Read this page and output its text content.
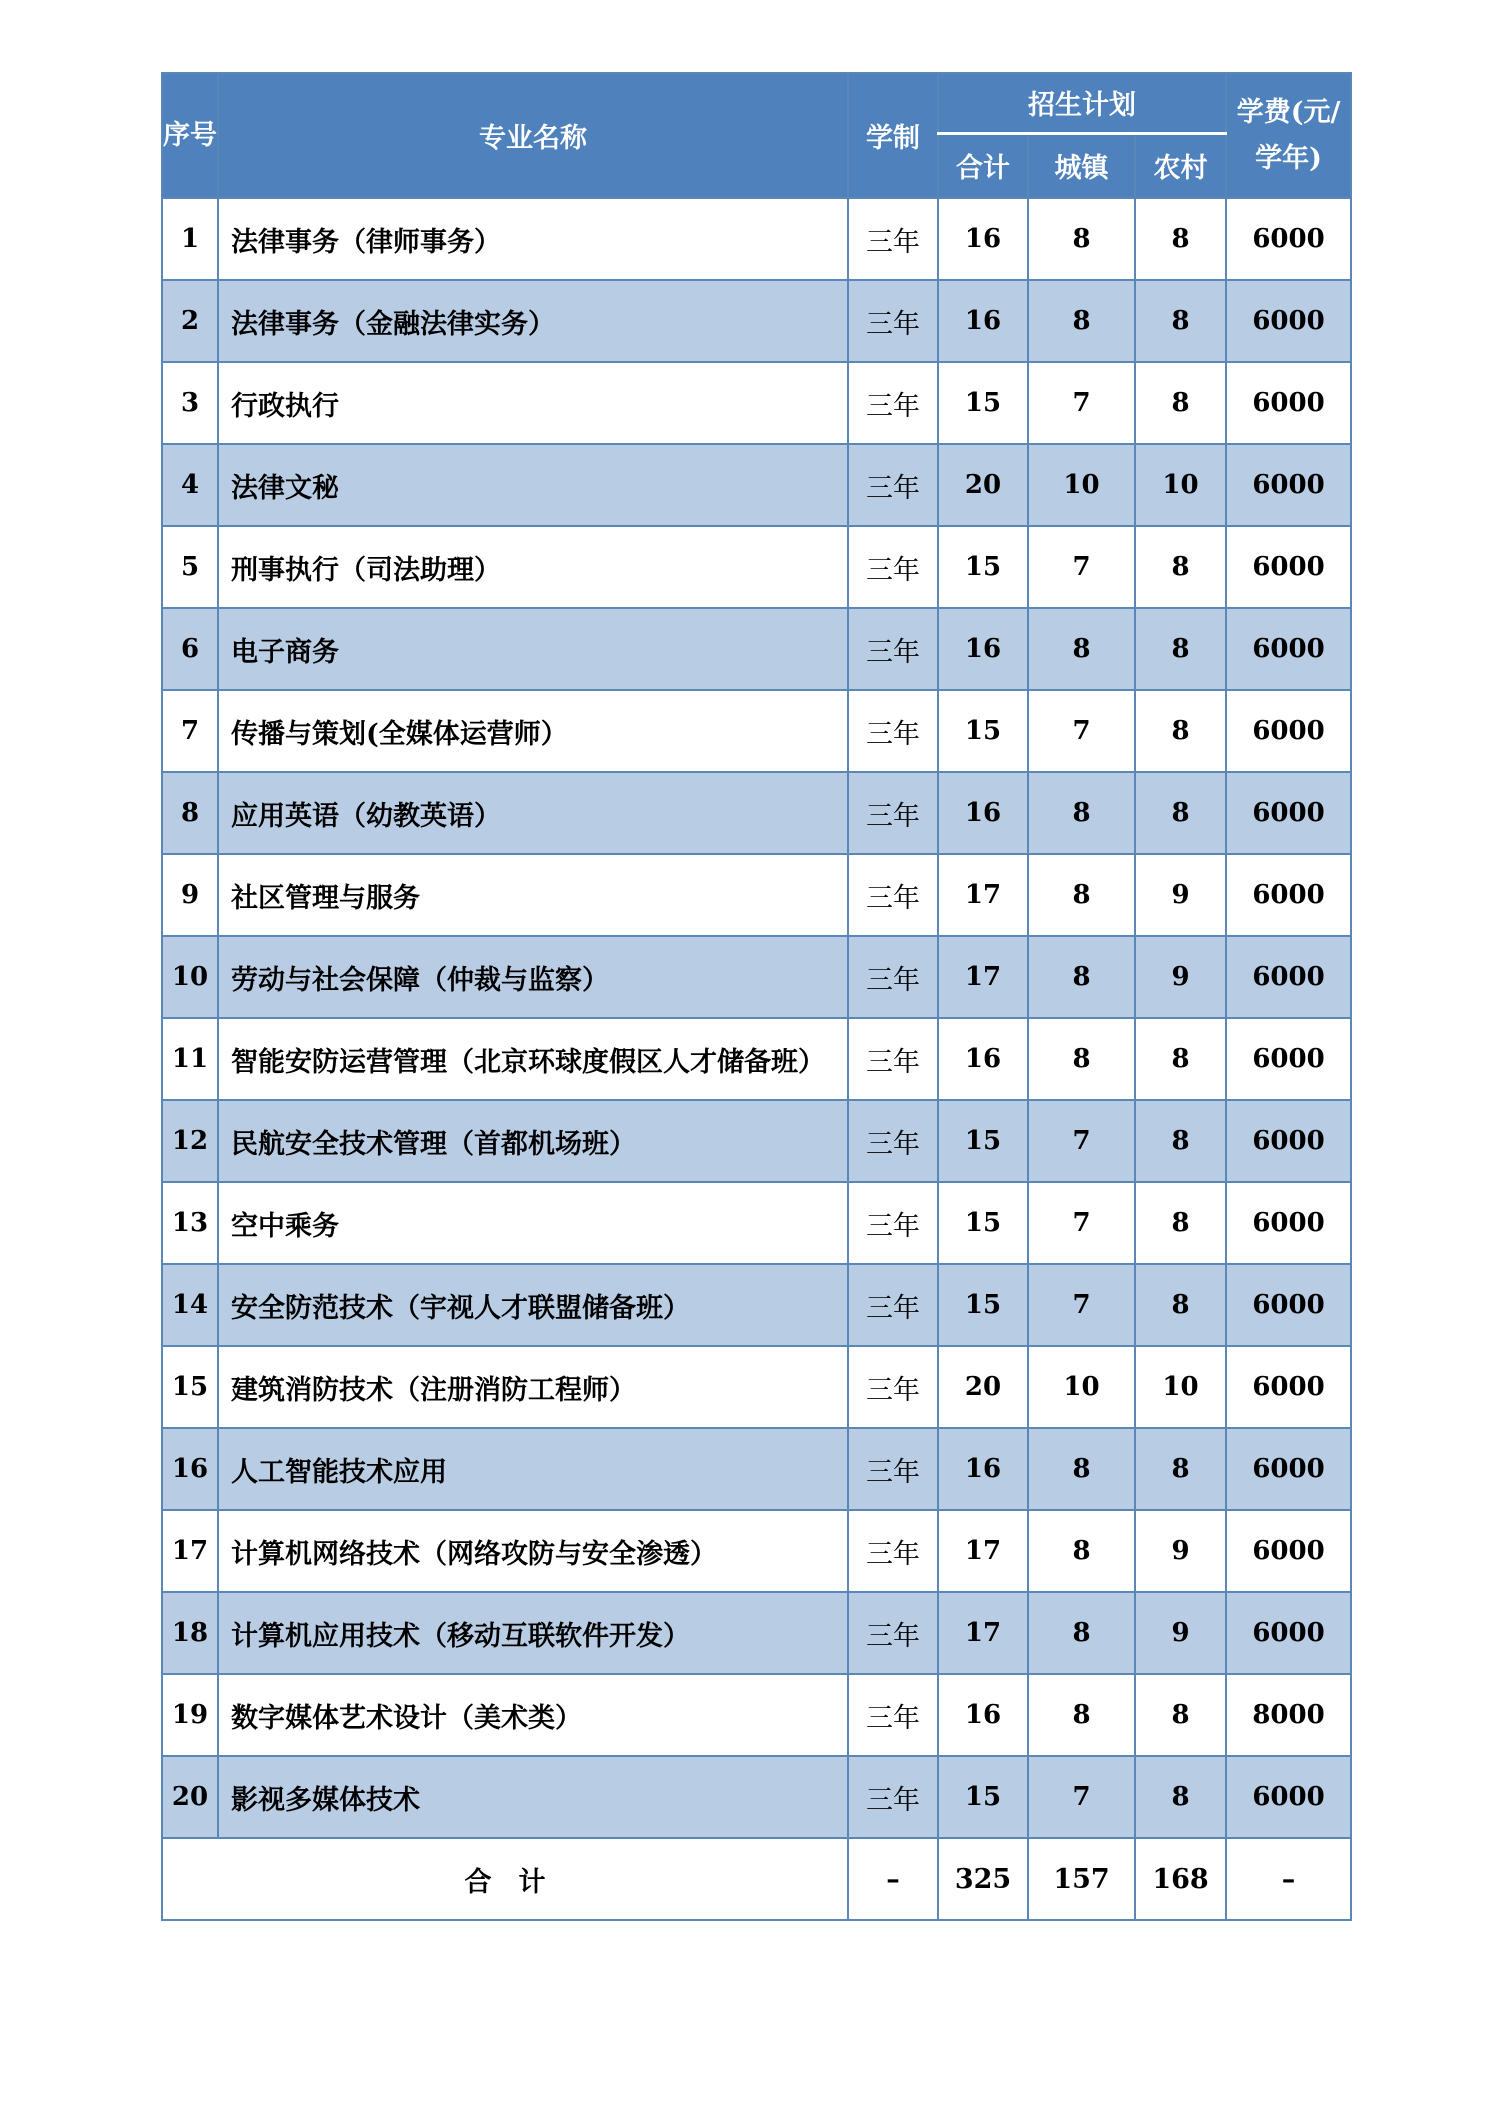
序号	专业名称	学制	招生计划			学费(元/学年)
			合计	城镇	农村	
1	法律事务（律师事务）	三年	16	8	8	6000
2	法律事务（金融法律实务）	三年	16	8	8	6000
3	行政执行	三年	15	7	8	6000
4	法律文秘	三年	20	10	10	6000
5	刑事执行（司法助理）	三年	15	7	8	6000
6	电子商务	三年	16	8	8	6000
7	传播与策划(全媒体运营师）	三年	15	7	8	6000
8	应用英语（幼教英语）	三年	16	8	8	6000
9	社区管理与服务	三年	17	8	9	6000
10	劳动与社会保障（仲裁与监察）	三年	17	8	9	6000
11	智能安防运营管理（北京环球度假区人才储备班）	三年	16	8	8	6000
12	民航安全技术管理（首都机场班）	三年	15	7	8	6000
13	空中乘务	三年	15	7	8	6000
14	安全防范技术（宇视人才联盟储备班）	三年	15	7	8	6000
15	建筑消防技术（注册消防工程师）	三年	20	10	10	6000
16	人工智能技术应用	三年	16	8	8	6000
17	计算机网络技术（网络攻防与安全渗透）	三年	17	8	9	6000
18	计算机应用技术（移动互联软件开发）	三年	17	8	9	6000
19	数字媒体艺术设计（美术类）	三年	16	8	8	8000
20	影视多媒体技术	三年	15	7	8	6000
合　计		–	325	157	168	–
